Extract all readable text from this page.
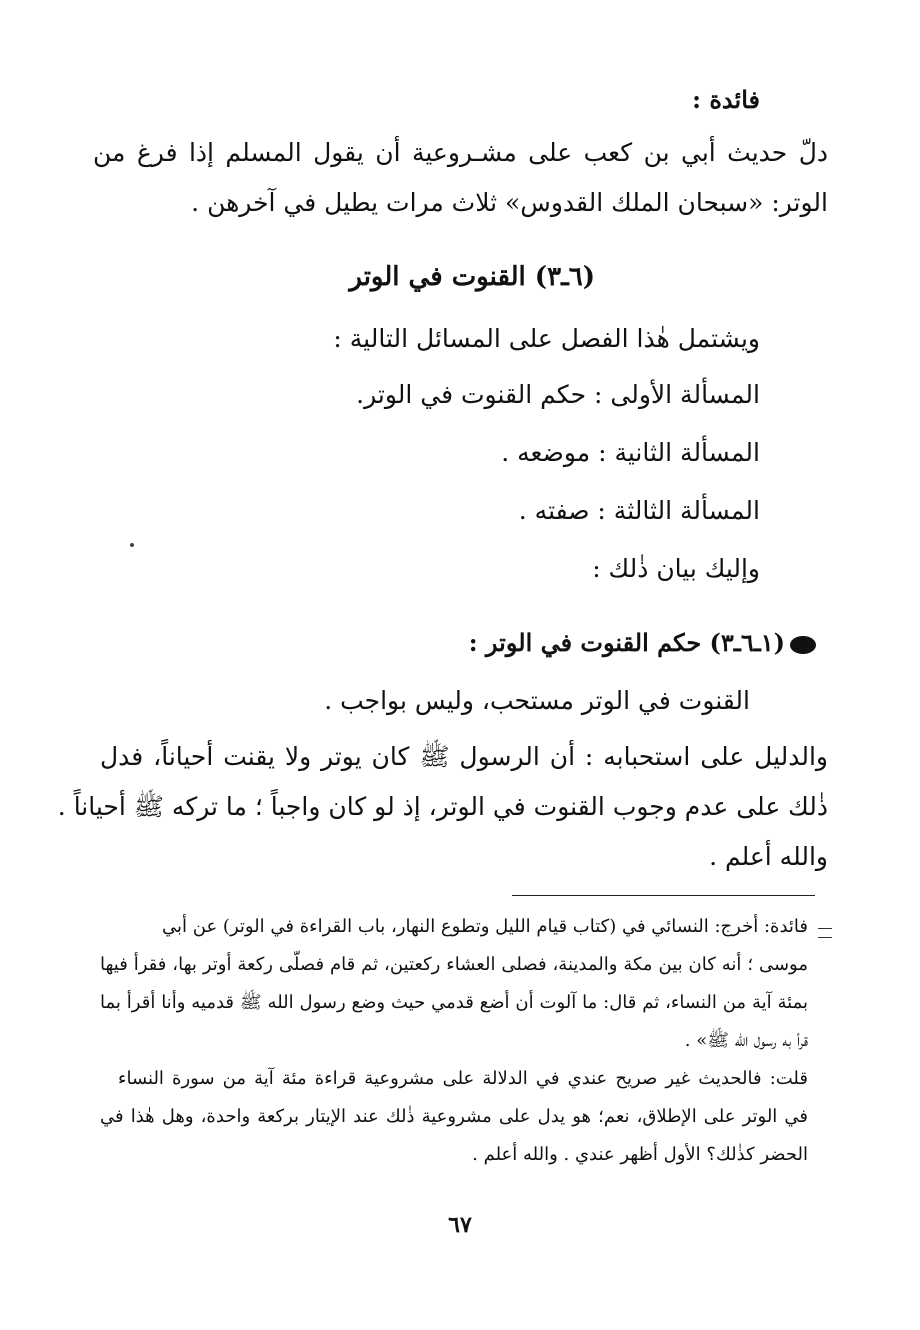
فائدة :
دلّ حديث أبي بن كعب على مشـروعية أن يقول المسلم إذا فرغ من
الوتر: «سبحان الملك القدوس» ثلاث مرات يطيل في آخرهن .
(٦ـ٣) القنوت في الوتر
ويشتمل هٰذا الفصل على المسائل التالية :
المسألة الأولى : حكم القنوت في الوتر.
المسألة الثانية : موضعه .
المسألة الثالثة : صفته .
وإليك بيان ذٰلك :
(١ـ٦ـ٣) حكم القنوت في الوتر :
القنوت في الوتر مستحب، وليس بواجب .
والدليل على استحبابه : أن الرسول ﷺ كان يوتر ولا يقنت أحياناً، فدل
ذٰلك على عدم وجوب القنوت في الوتر، إذ لو كان واجباً ؛ ما تركه ﷺ أحياناً .
والله أعلم .
فائدة: أخرج: النسائي في (كتاب قيام الليل وتطوع النهار، باب القراءة في الوتر) عن أبي
موسى ؛ أنه كان بين مكة والمدينة، فصلى العشاء ركعتين، ثم قام فصلّى ركعة أوتر بها، فقرأ فيها
بمئة آية من النساء، ثم قال: ما آلوت أن أضع قدمي حيث وضع رسول الله ﷺ قدميه وأنا أقرأ بما
قرأ به رسول الله ﷺ» .
قلت: فالحديث غير صريح عندي في الدلالة على مشروعية قراءة مئة آية من سورة النساء
في الوتر على الإطلاق، نعم؛ هو يدل على مشروعية ذٰلك عند الإيتار بركعة واحدة، وهل هٰذا في
الحضر كذٰلك؟ الأول أظهر عندي . والله أعلم .
٦٧
